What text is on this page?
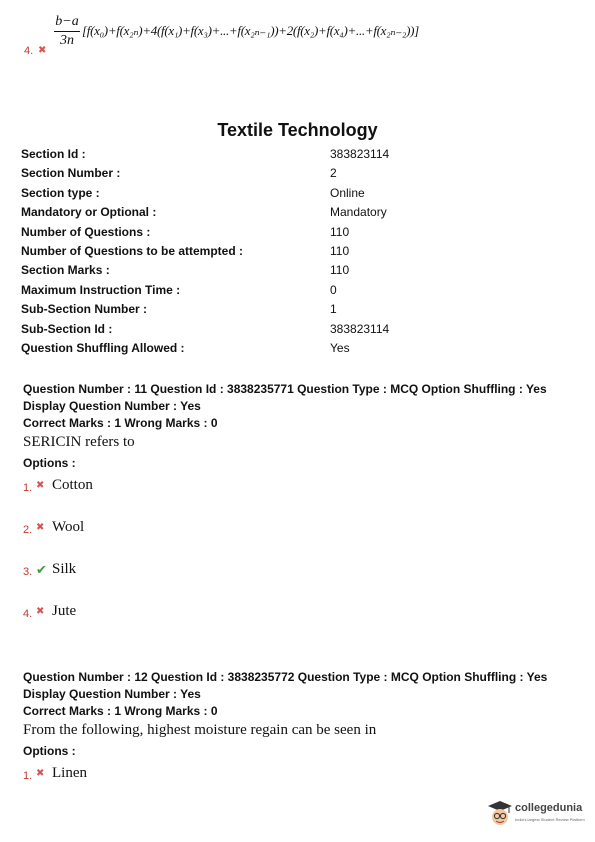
4. ✖
b−a
3n
[f(x₀)+f(x₂ₙ)+4(f(x₁)+f(x₃)+...+f(x₂ₙ₋₁))+2(f(x₂)+f(x₄)+...+f(x₂ₙ₋₂))]
Textile Technology
Section Id :	383823114
Section Number :	2
Section type :	Online
Mandatory or Optional :	Mandatory
Number of Questions :	110
Number of Questions to be attempted :	110
Section Marks :	110
Maximum Instruction Time :	0
Sub-Section Number :	1
Sub-Section Id :	383823114
Question Shuffling Allowed :	Yes
Question Number : 11 Question Id : 3838235771 Question Type : MCQ Option Shuffling : Yes
Display Question Number : Yes
Correct Marks : 1 Wrong Marks : 0
SERICIN refers to
Options :
1. ✖ Cotton
2. ✖ Wool
3. ✔ Silk
4. ✖ Jute
Question Number : 12 Question Id : 3838235772 Question Type : MCQ Option Shuffling : Yes
Display Question Number : Yes
Correct Marks : 1 Wrong Marks : 0
From the following, highest moisture regain can be seen in
Options :
1. ✖ Linen
collegedunia
India's largest Student Review Platform
